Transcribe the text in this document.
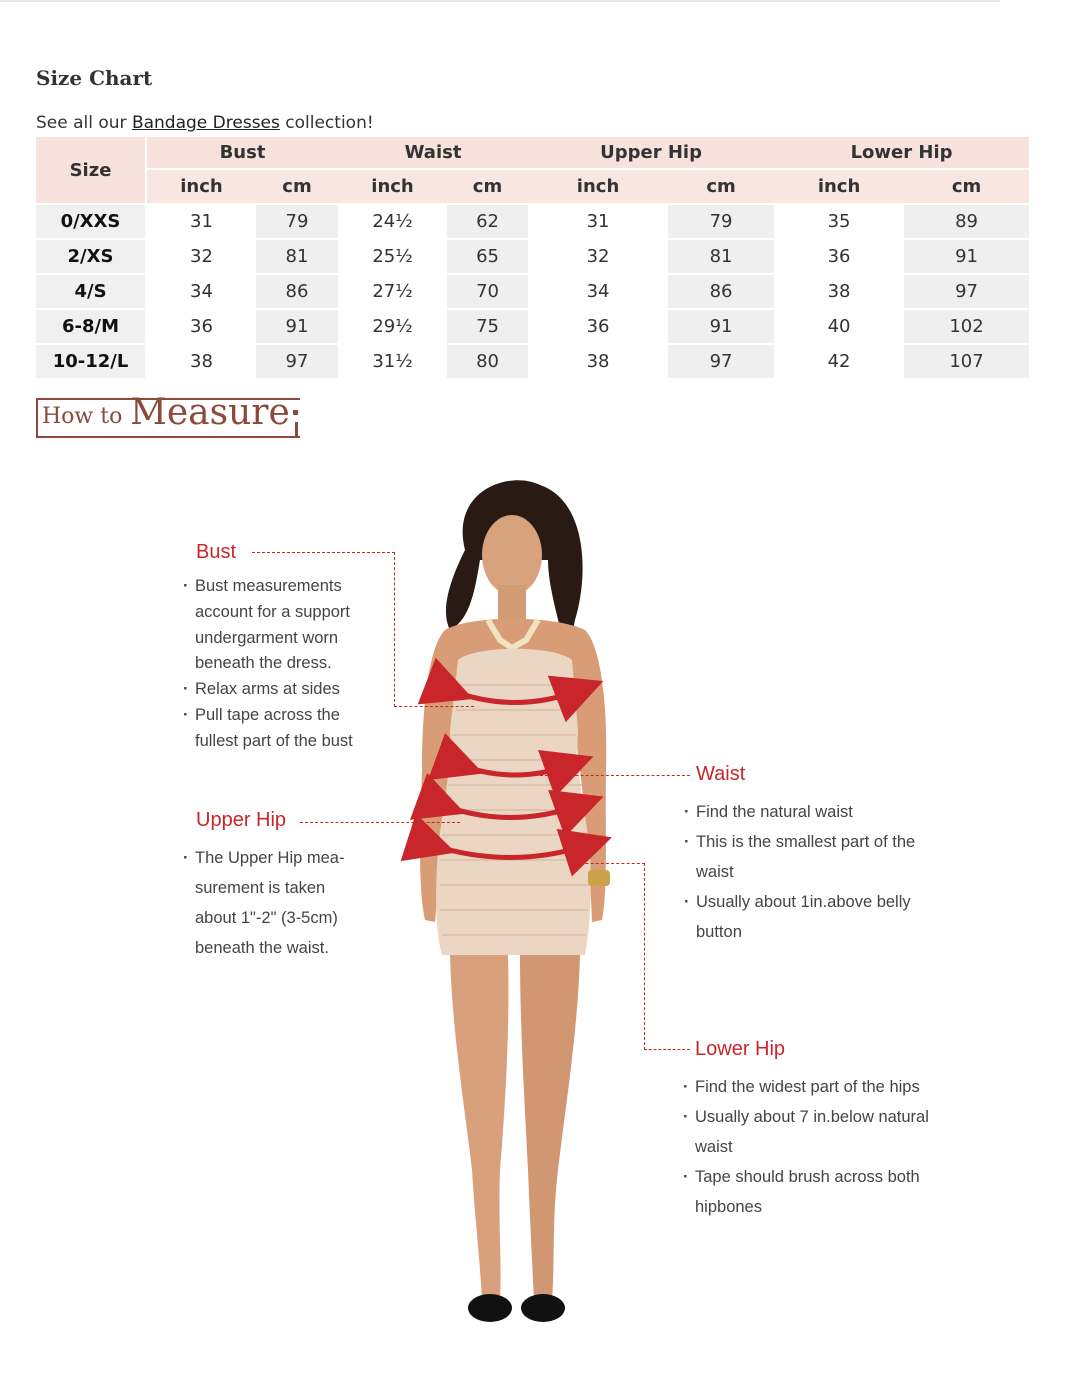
Size Chart
See all our Bandage Dresses collection!
Size	Bust		Waist		Upper Hip		Lower Hip	
	inch	cm	inch	cm	inch	cm	inch	cm
0/XXS	31	79	24½	62	31	79	35	89
2/XS	32	81	25½	65	32	81	36	91
4/S	34	86	27½	70	34	86	38	97
6-8/M	36	91	29½	75	36	91	40	102
10-12/L	38	97	31½	80	38	97	42	107
How to Measure
Bust
· Bust measurements account for a support undergarment worn beneath the dress.
· Relax arms at sides
· Pull tape across the fullest part of the bust
Upper Hip
· The Upper Hip mea-surement is taken about 1"-2" (3-5cm) beneath the waist.
Waist
· Find the natural waist
· This is the smallest part of the waist
· Usually about 1in.above belly button
Lower Hip
· Find the widest part of the hips
· Usually about 7 in.below natural waist
· Tape should brush across both hipbones
